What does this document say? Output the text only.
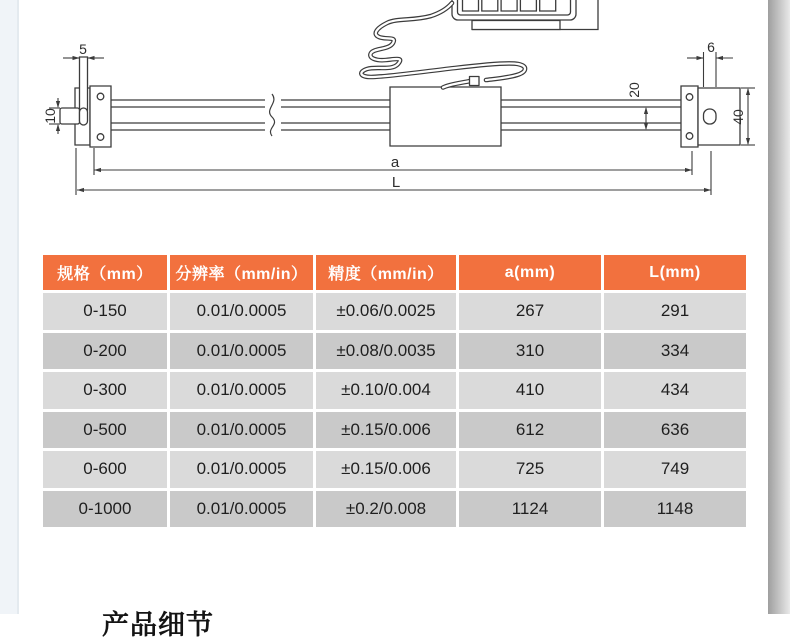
5
10
6
20
40
a
L
规格（mm）	分辨率（mm/in）	精度（mm/in）	a(mm)	L(mm)
0-150	0.01/0.0005	±0.06/0.0025	267	291
0-200	0.01/0.0005	±0.08/0.0035	310	334
0-300	0.01/0.0005	±0.10/0.004	410	434
0-500	0.01/0.0005	±0.15/0.006	612	636
0-600	0.01/0.0005	±0.15/0.006	725	749
0-1000	0.01/0.0005	±0.2/0.008	1124	1148
产品细节
